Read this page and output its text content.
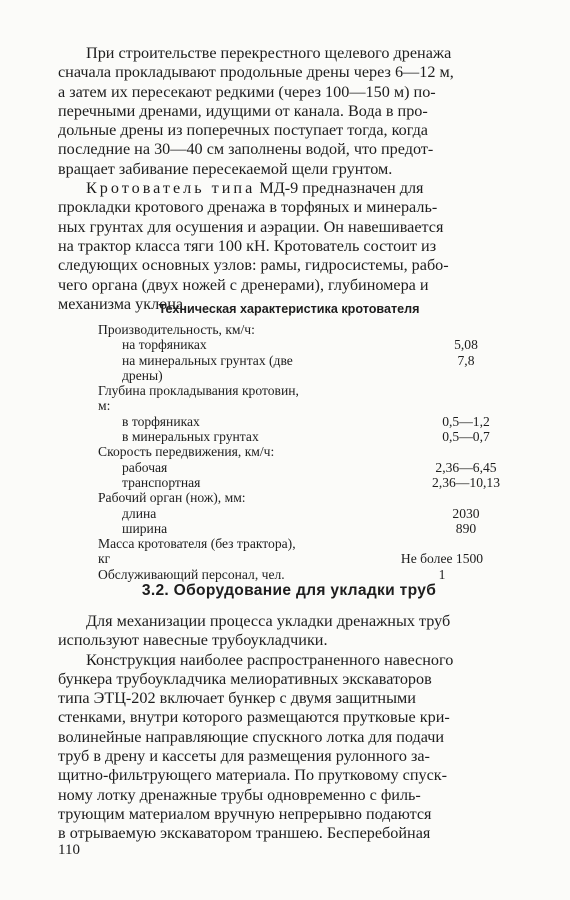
При строительстве перекрестного щелевого дренажа
сначала прокладывают продольные дрены через 6—12 м,
а затем их пересекают редкими (через 100—150 м) по-
перечными дренами, идущими от канала. Вода в про-
дольные дрены из поперечных поступает тогда, когда
последние на 30—40 см заполнены водой, что предот-
вращает забивание пересекаемой щели грунтом.
Кротователь типа МД-9 предназначен для
прокладки кротового дренажа в торфяных и минераль-
ных грунтах для осушения и аэрации. Он навешивается
на трактор класса тяги 100 кН. Кротователь состоит из
следующих основных узлов: рамы, гидросистемы, рабо-
чего органа (двух ножей с дренерами), глубиномера и
механизма уклона.
Техническая характеристика кротователя
Производительность, км/ч:
на торфяниках	5,08
на минеральных грунтах (две	7,8
дрены)
Глубина прокладывания кротовин,
м:
в торфяниках	0,5—1,2
в минеральных грунтах	0,5—0,7
Скорость передвижения, км/ч:
рабочая	2,36—6,45
транспортная	2,36—10,13
Рабочий орган (нож), мм:
длина	2030
ширина	890
Масса кротователя (без трактора),
кг	Не более 1500
Обслуживающий персонал, чел.	1
3.2. Оборудование для укладки труб
Для механизации процесса укладки дренажных труб
используют навесные трубоукладчики.
Конструкция наиболее распространенного навесного
бункера трубоукладчика мелиоративных экскаваторов
типа ЭТЦ-202 включает бункер с двумя защитными
стенками, внутри которого размещаются прутковые кри-
волинейные направляющие спускного лотка для подачи
труб в дрену и кассеты для размещения рулонного за-
щитно-фильтрующего материала. По прутковому спуск-
ному лотку дренажные трубы одновременно с филь-
трующим материалом вручную непрерывно подаются
в отрываемую экскаватором траншею. Бесперебойная
110
